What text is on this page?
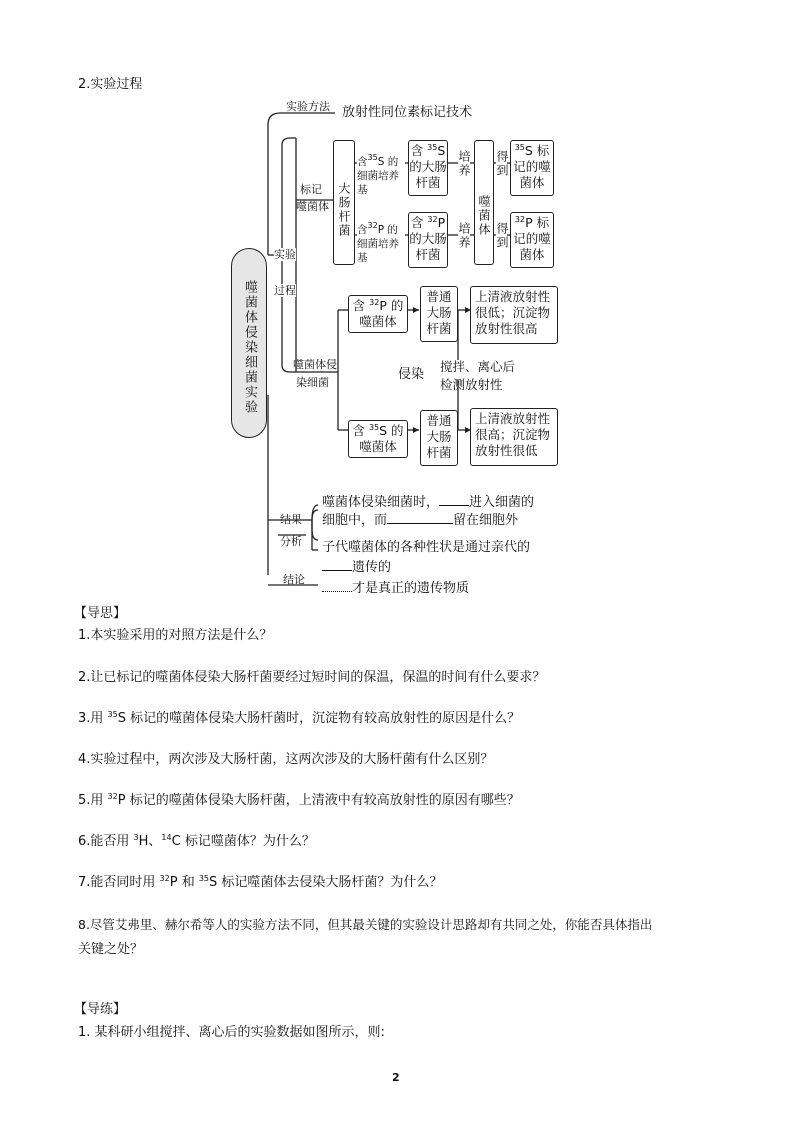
2.实验过程
噬菌体侵染细菌实验
实验方法 放射性同位素标记技术
实验
过程
标记
噬菌体 大肠杆菌
含$^{35}$S 的细菌培养基
含$^{32}$P 的细菌培养基
含 $^{35}$S 的大肠杆菌
含 $^{32}$P 的大肠杆菌
培养
培养 噬菌体
得到
得到
$^{35}$S 标记的噬菌体
$^{32}$P 标记的噬菌体
噬菌体侵
染细菌
含 $^{32}$P 的噬菌体
含 $^{35}$S 的噬菌体
侵染
普通大肠杆菌
普通大肠杆菌
搅拌、离心后
检测放射性
上清液放射性很低；沉淀物放射性很高
上清液放射性很高；沉淀物放射性很低
结果
分析
结论
噬菌体侵染细菌时， 进入细菌的
细胞中，而	留在细胞外
子代噬菌体的各种性状是通过亲代的
遗传的
才是真正的遗传物质
【导思】
1.本实验采用的对照方法是什么？
2.让已标记的噬菌体侵染大肠杆菌要经过短时间的保温，保温的时间有什么要求？
3.用 $^{35}$S 标记的噬菌体侵染大肠杆菌时，沉淀物有较高放射性的原因是什么？
4.实验过程中，两次涉及大肠杆菌，这两次涉及的大肠杆菌有什么区别？
5.用 $^{32}$P 标记的噬菌体侵染大肠杆菌，上清液中有较高放射性的原因有哪些？
6.能否用 $^3$H、$^{14}$C 标记噬菌体？为什么？
7.能否同时用 $^{32}$P 和 $^{35}$S 标记噬菌体去侵染大肠杆菌？为什么？
8.尽管艾弗里、赫尔希等人的实验方法不同，但其最关键的实验设计思路却有共同之处，你能否具体指出
关键之处？
【导练】
1. 某科研小组搅拌、离心后的实验数据如图所示，则:
2
